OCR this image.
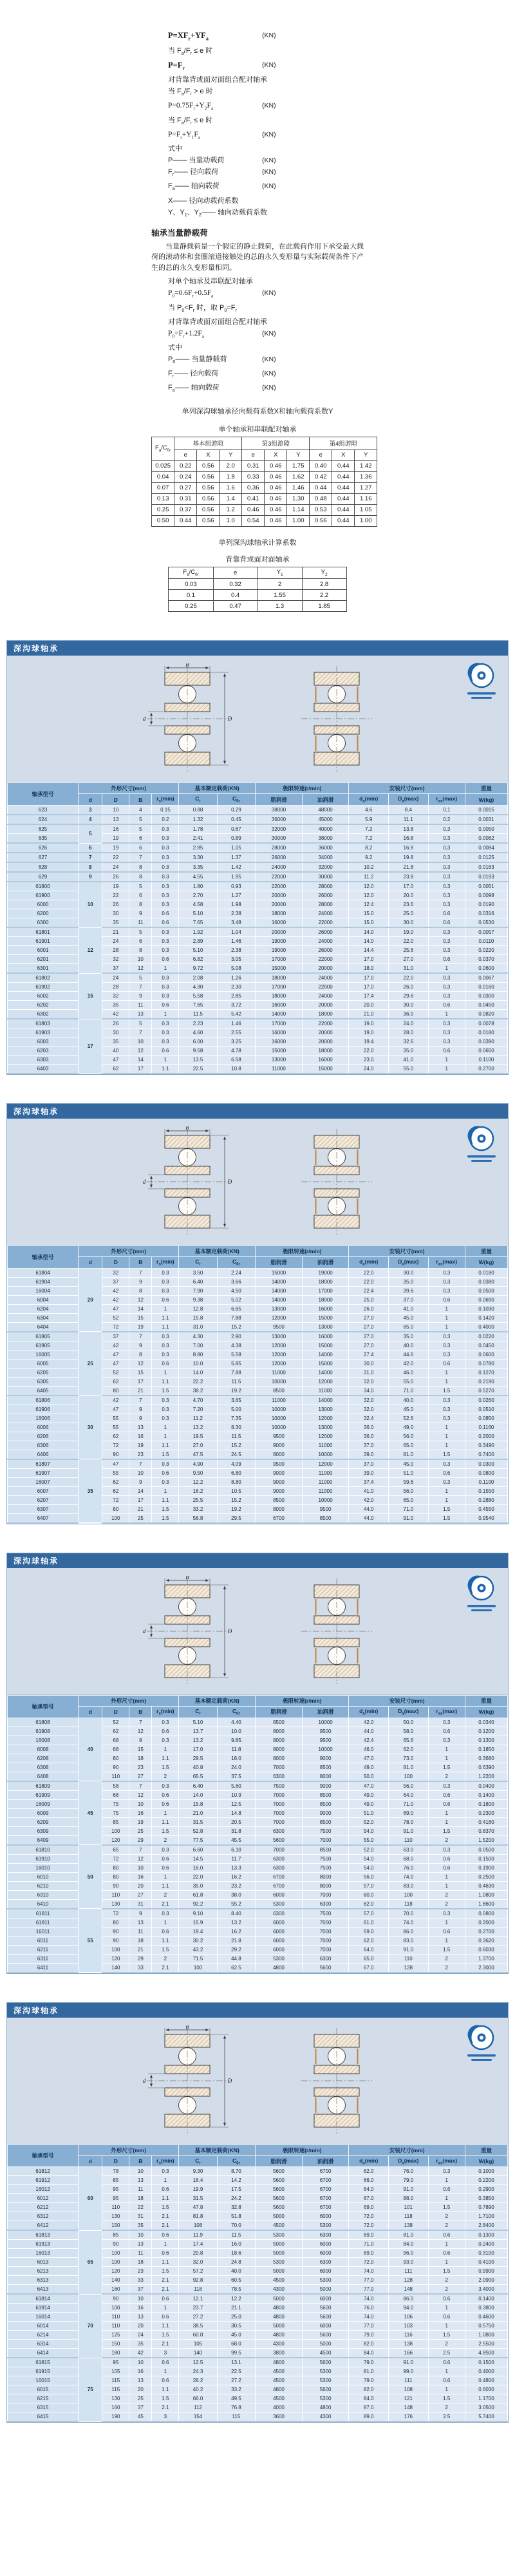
$P=XF_r+YF_a$	(KN)
当 $F_a/F_r \le e$ 时
$P=F_r$	(KN)
对背靠背或面对面组合配对轴承
当 $F_a/F_r > e$ 时
$P=0.75F_r+Y_2F_a$	(KN)
当 $F_a/F_r \le e$ 时
$P=F_r+Y_1F_a$	(KN)
式中
P—— 当量动载荷	(KN)
$F_r——$ 径向载荷	(KN)
$F_a——$ 轴向载荷	(KN)
X—— 径向动载荷系数
Y、$Y_1$、$Y_2——$ 轴向动载荷系数
轴承当量静载荷
当量静载荷是一个假定的静止载荷，在此载荷作用下承受最大载荷的滚动体和套圈滚道接触处的总的永久变形量与实际载荷条件下产生的总的永久变形量相同。
对单个轴承及串联配对轴承
$P_0=0.6F_r+0.5F_a$	(KN)
当 $P_0<F_r$ 时，取 $P_0=F_r$
对背靠背或面对面组合配对轴承
$P_0=F_r+1.2F_a$	(KN)
式中
$P_0——$ 当量静载荷	(KN)
$F_r——$ 径向载荷	(KN)
$F_a——$ 轴向载荷	(KN)
单列深沟球轴承径向载荷系数X和轴向载荷系数Y
单个轴承和串联配对轴承
$F_a/C_{0r}$	基本组游隙			第3组游隙			第4组游隙		
	e	X	Y	e	X	Y	e	X	Y
0.025	0.22	0.56	2.0	0.31	0.46	1.75	0.40	0.44	1.42
0.04	0.24	0.56	1.8	0.33	0.46	1.62	0.42	0.44	1.36
0.07	0.27	0.56	1.6	0.36	0.46	1.46	0.44	0.44	1.27
0.13	0.31	0.56	1.4	0.41	0.46	1.30	0.48	0.44	1.16
0.25	0.37	0.56	1.2	0.46	0.46	1.14	0.53	0.44	1.05
0.50	0.44	0.56	1.0	0.54	0.46	1.00	0.56	0.44	1.00
单列深沟球轴承计算系数
背靠背或面对面轴承
$F_a/C_{0r}$	e	$Y_1$	$Y_2$
0.03	0.32	2	2.8
0.1	0.4	1.55	2.2
0.25	0.47	1.3	1.85
深沟球轴承
B
D
d
轴承型号	外形尺寸(mm)				基本额定载荷(KN)		极限转速(r/min)		安装尺寸(mm)			重量
	d	D	B	$r_s(\min)$	$C_r$	$C_{0r}$	脂润滑	油润滑	$d_a(\min)$	$D_a(\max)$	$r_{as}(\max)$	W(kg)
623	3	10	4	0.15	0.88	0.29	38000	48000	4.6	8.4	0.1	0.0015
624	4	13	5	0.2	1.32	0.45	36000	45000	5.9	11.1	0.2	0.0031
625	5	16	5	0.3	1.78	0.67	32000	40000	7.2	13.8	0.3	0.0050
635		19	6	0.3	2.41	0.89	30000	38000	7.2	16.8	0.3	0.0082
626	6	19	6	0.3	2.85	1.05	28000	36000	8.2	16.8	0.3	0.0084
627	7	22	7	0.3	3.30	1.37	26000	34000	9.2	19.8	0.3	0.0125
628	8	24	8	0.3	3.35	1.42	24000	32000	10.2	21.8	0.3	0.0163
629	9	26	8	0.3	4.55	1.95	22000	30000	11.2	23.8	0.3	0.0193
61800	10	19	5	0.3	1.80	0.93	22000	28000	12.0	17.0	0.3	0.0051
61900		22	6	0.3	2.70	1.27	20000	26000	12.0	20.0	0.3	0.0098
6000		26	8	0.3	4.58	1.98	20000	28000	12.4	23.6	0.3	0.0190
6200		30	9	0.6	5.10	2.38	18000	24000	15.0	25.0	0.6	0.0316
6300		35	11	0.6	7.65	3.48	16000	22000	15.0	30.0	0.6	0.0530
61801	12	21	5	0.3	1.92	1.04	20000	26000	14.0	19.0	0.3	0.0057
61901		24	6	0.3	2.89	1.46	19000	24000	14.0	22.0	0.3	0.0110
6001		28	8	0.3	5.10	2.38	19000	26000	14.4	25.6	0.3	0.0220
6201		32	10	0.6	6.82	3.05	17000	22000	17.0	27.0	0.6	0.0370
6301		37	12	1	9.72	5.08	15000	20000	18.0	31.0	1	0.0600
61802	15	24	5	0.3	2.08	1.26	18000	24000	17.0	22.0	0.3	0.0067
61902		28	7	0.3	4.30	2.30	17000	22000	17.0	26.0	0.3	0.0160
6002		32	9	0.3	5.58	2.85	18000	24000	17.4	29.6	0.3	0.0300
6202		35	11	0.6	7.65	3.72	16000	20000	20.0	30.0	0.6	0.0450
6302		42	13	1	11.5	5.42	14000	18000	21.0	36.0	1	0.0820
61803	17	26	5	0.3	2.23	1.46	17000	22000	19.0	24.0	0.3	0.0078
61903		30	7	0.3	4.60	2.55	16000	20000	19.0	28.0	0.3	0.0180
6003		35	10	0.3	6.00	3.25	16000	20000	19.4	32.6	0.3	0.0390
6203		40	12	0.6	9.58	4.78	15000	18000	22.0	35.0	0.6	0.0650
6303		47	14	1	13.5	6.58	13000	16000	23.0	41.0	1	0.1100
6403		62	17	1.1	22.5	10.8	11000	15000	24.0	55.0	1	0.2700
深沟球轴承
B
D
d
轴承型号	外形尺寸(mm)				基本额定载荷(KN)		极限转速(r/min)		安装尺寸(mm)			重量
	d	D	B	$r_s(\min)$	$C_r$	$C_{0r}$	脂润滑	油润滑	$d_a(\min)$	$D_a(\max)$	$r_{as}(\max)$	W(kg)
61804	20	32	7	0.3	3.50	2.24	15000	19000	22.0	30.0	0.3	0.0180
61904		37	9	0.3	6.40	3.66	14000	18000	22.0	35.0	0.3	0.0380
16004		42	8	0.3	7.90	4.50	14000	17000	22.4	39.6	0.3	0.0500
6004		42	12	0.6	9.38	5.02	14000	18000	25.0	37.0	0.6	0.0690
6204		47	14	1	12.8	6.65	13000	16000	26.0	41.0	1	0.1030
6304		52	15	1.1	15.8	7.88	12000	15000	27.0	45.0	1	0.1420
6404		72	19	1.1	31.0	15.2	9500	13000	27.0	65.0	1	0.4000
61805	25	37	7	0.3	4.30	2.90	13000	16000	27.0	35.0	0.3	0.0220
61905		42	9	0.3	7.00	4.38	12000	15000	27.0	40.0	0.3	0.0450
16005		47	8	0.3	8.80	5.58	12000	14000	27.4	44.6	0.3	0.0600
6005		47	12	0.6	10.0	5.85	12000	15000	30.0	42.0	0.6	0.0780
6205		52	15	1	14.0	7.88	11000	14000	31.0	46.0	1	0.1270
6305		62	17	1.1	22.2	11.5	10000	12000	32.0	55.0	1	0.2190
6405		80	21	1.5	38.2	19.2	8500	11000	34.0	71.0	1.5	0.5270
61806	30	42	7	0.3	4.70	3.65	11000	14000	32.0	40.0	0.3	0.0260
61906		47	9	0.3	7.20	5.00	10000	13000	32.0	45.0	0.3	0.0510
16006		55	9	0.3	11.2	7.35	10000	12000	32.4	52.6	0.3	0.0850
6006		55	13	1	13.2	8.30	10000	13000	36.0	49.0	1	0.1160
6206		62	16	1	19.5	11.5	9500	12000	36.0	56.0	1	0.2000
6306		72	19	1.1	27.0	15.2	9000	11000	37.0	65.0	1	0.3490
6406		90	23	1.5	47.5	24.5	8000	10000	39.0	81.0	1.5	0.7400
61807	35	47	7	0.3	4.90	4.09	9500	12000	37.0	45.0	0.3	0.0300
61907		55	10	0.6	9.50	6.80	9000	11000	39.0	51.0	0.6	0.0800
16007		62	9	0.3	12.2	8.80	9000	11000	37.4	59.6	0.3	0.1100
6007		62	14	1	16.2	10.5	9000	11000	41.0	56.0	1	0.1550
6207		72	17	1.1	25.5	15.2	8500	10000	42.0	65.0	1	0.2880
6307		80	21	1.5	33.2	19.2	8000	9500	44.0	71.0	1.5	0.4550
6407		100	25	1.5	56.8	29.5	6700	8500	44.0	91.0	1.5	0.9540
深沟球轴承
B
D
d
轴承型号	外形尺寸(mm)				基本额定载荷(KN)		极限转速(r/min)		安装尺寸(mm)			重量
	d	D	B	$r_s(\min)$	$C_r$	$C_{0r}$	脂润滑	油润滑	$d_a(\min)$	$D_a(\max)$	$r_{as}(\max)$	W(kg)
61808	40	52	7	0.3	5.10	4.40	8500	10000	42.0	50.0	0.3	0.0340
61908		62	12	0.6	13.7	10.0	8000	9500	44.0	58.0	0.6	0.1200
16008		68	9	0.3	13.2	9.85	8000	9500	42.4	65.6	0.3	0.1300
6008		68	15	1	17.0	11.8	8000	10000	46.0	62.0	1	0.1850
6208		80	18	1.1	29.5	18.0	8000	9000	47.0	73.0	1	0.3680
6308		90	23	1.5	40.8	24.0	7000	8500	49.0	81.0	1.5	0.6390
6408		110	27	2	65.5	37.5	6300	8000	50.0	100	2	1.2200
61809	45	58	7	0.3	6.40	5.60	7500	9000	47.0	56.0	0.3	0.0400
61909		68	12	0.6	14.0	10.9	7000	8500	49.0	64.0	0.6	0.1400
16009		75	10	0.6	15.8	12.5	7000	8500	49.0	71.0	0.6	0.1800
6009		75	16	1	21.0	14.8	7000	9000	51.0	69.0	1	0.2300
6209		85	19	1.1	31.5	20.5	7000	8500	52.0	78.0	1	0.4160
6309		100	25	1.5	52.8	31.8	6300	7500	54.0	91.0	1.5	0.8370
6409		120	29	2	77.5	45.5	5600	7000	55.0	110	2	1.5200
61810	50	65	7	0.3	6.60	6.10	7000	8500	52.0	63.0	0.3	0.0500
61910		72	12	0.6	14.5	11.7	6300	7500	54.0	68.0	0.6	0.1500
16010		80	10	0.6	16.0	13.3	6300	7500	54.0	76.0	0.6	0.1900
6010		80	16	1	22.0	16.2	6700	8000	56.0	74.0	1	0.2500
6210		90	20	1.1	35.0	23.2	6700	8000	57.0	83.0	1	0.4630
6310		110	27	2	61.8	38.0	6000	7000	60.0	100	2	1.0800
6410		130	31	2.1	92.2	55.2	5300	6300	62.0	118	2	1.8600
61811	55	72	9	0.3	9.10	8.40	6300	7500	57.0	70.0	0.3	0.0800
61911		80	13	1	15.9	13.2	6000	7000	61.0	74.0	1	0.2000
16011		90	11	0.6	19.4	16.2	6000	7000	59.0	86.0	0.6	0.2700
6011		90	18	1.1	30.2	21.8	6000	7000	62.0	83.0	1	0.3620
6211		100	21	1.5	43.2	29.2	6000	7000	64.0	91.0	1.5	0.6030
6311		120	29	2	71.5	44.8	5300	6300	65.0	110	2	1.3700
6411		140	33	2.1	100	62.5	4800	5600	67.0	128	2	2.3000
深沟球轴承
B
D
d
轴承型号	外形尺寸(mm)				基本额定载荷(KN)		极限转速(r/min)		安装尺寸(mm)			重量
	d	D	B	$r_s(\min)$	$C_r$	$C_{0r}$	脂润滑	油润滑	$d_a(\min)$	$D_a(\max)$	$r_{as}(\max)$	W(kg)
61812	60	78	10	0.3	9.30	8.70	5600	6700	62.0	76.0	0.3	0.1000
61912		85	13	1	16.4	14.2	5600	6700	66.0	79.0	1	0.2200
16012		95	11	0.6	19.9	17.5	5600	6700	64.0	91.0	0.6	0.2900
6012		95	18	1.1	31.5	24.2	5600	6700	67.0	88.0	1	0.3850
6212		110	22	1.5	47.8	32.8	5600	6700	69.0	101	1.5	0.7890
6312		130	31	2.1	81.8	51.8	5000	6000	72.0	118	2	1.7100
6412		150	35	2.1	108	70.0	4500	5300	72.0	138	2	2.8400
61813	65	85	10	0.6	11.9	11.5	5300	6300	69.0	81.0	0.6	0.1300
61913		90	13	1	17.4	16.0	5000	6000	71.0	84.0	1	0.2400
16013		100	11	0.6	20.8	18.6	5000	6000	69.0	96.0	0.6	0.3100
6013		100	18	1.1	32.0	24.8	5300	6300	72.0	93.0	1	0.4100
6213		120	23	1.5	57.2	40.0	5000	6000	74.0	111	1.5	0.9900
6313		140	33	2.1	92.8	60.5	4500	5300	77.0	128	2	2.0900
6413		160	37	2.1	118	78.5	4300	5000	77.0	148	2	3.4000
61814	70	90	10	0.6	12.1	12.2	5000	6000	74.0	86.0	0.6	0.1400
61914		100	16	1	23.7	21.1	4800	5600	76.0	94.0	1	0.3800
16014		110	13	0.6	27.2	25.0	4800	5600	74.0	106	0.6	0.4600
6014		110	20	1.1	38.5	30.5	5000	6000	77.0	103	1	0.5750
6214		125	24	1.5	60.8	45.0	4800	5600	79.0	116	1.5	1.0800
6314		150	35	2.1	105	68.0	4300	5000	82.0	138	2	2.5500
6414		180	42	3	140	99.5	3800	4500	84.0	166	2.5	4.8500
61815	75	95	10	0.6	12.5	13.1	4800	5600	79.0	91.0	0.6	0.1500
61915		105	16	1	24.3	22.5	4500	5300	81.0	99.0	1	0.4000
16015		115	13	0.6	28.2	27.2	4500	5300	79.0	111	0.6	0.4800
6015		115	20	1.1	40.2	33.2	4800	5600	82.0	108	1	0.6030
6215		130	25	1.5	66.0	49.5	4500	5300	84.0	121	1.5	1.1700
6315		160	37	2.1	112	76.8	4000	4800	87.0	148	2	3.0500
6415		190	45	3	154	115	3600	4300	89.0	176	2.5	5.7400
